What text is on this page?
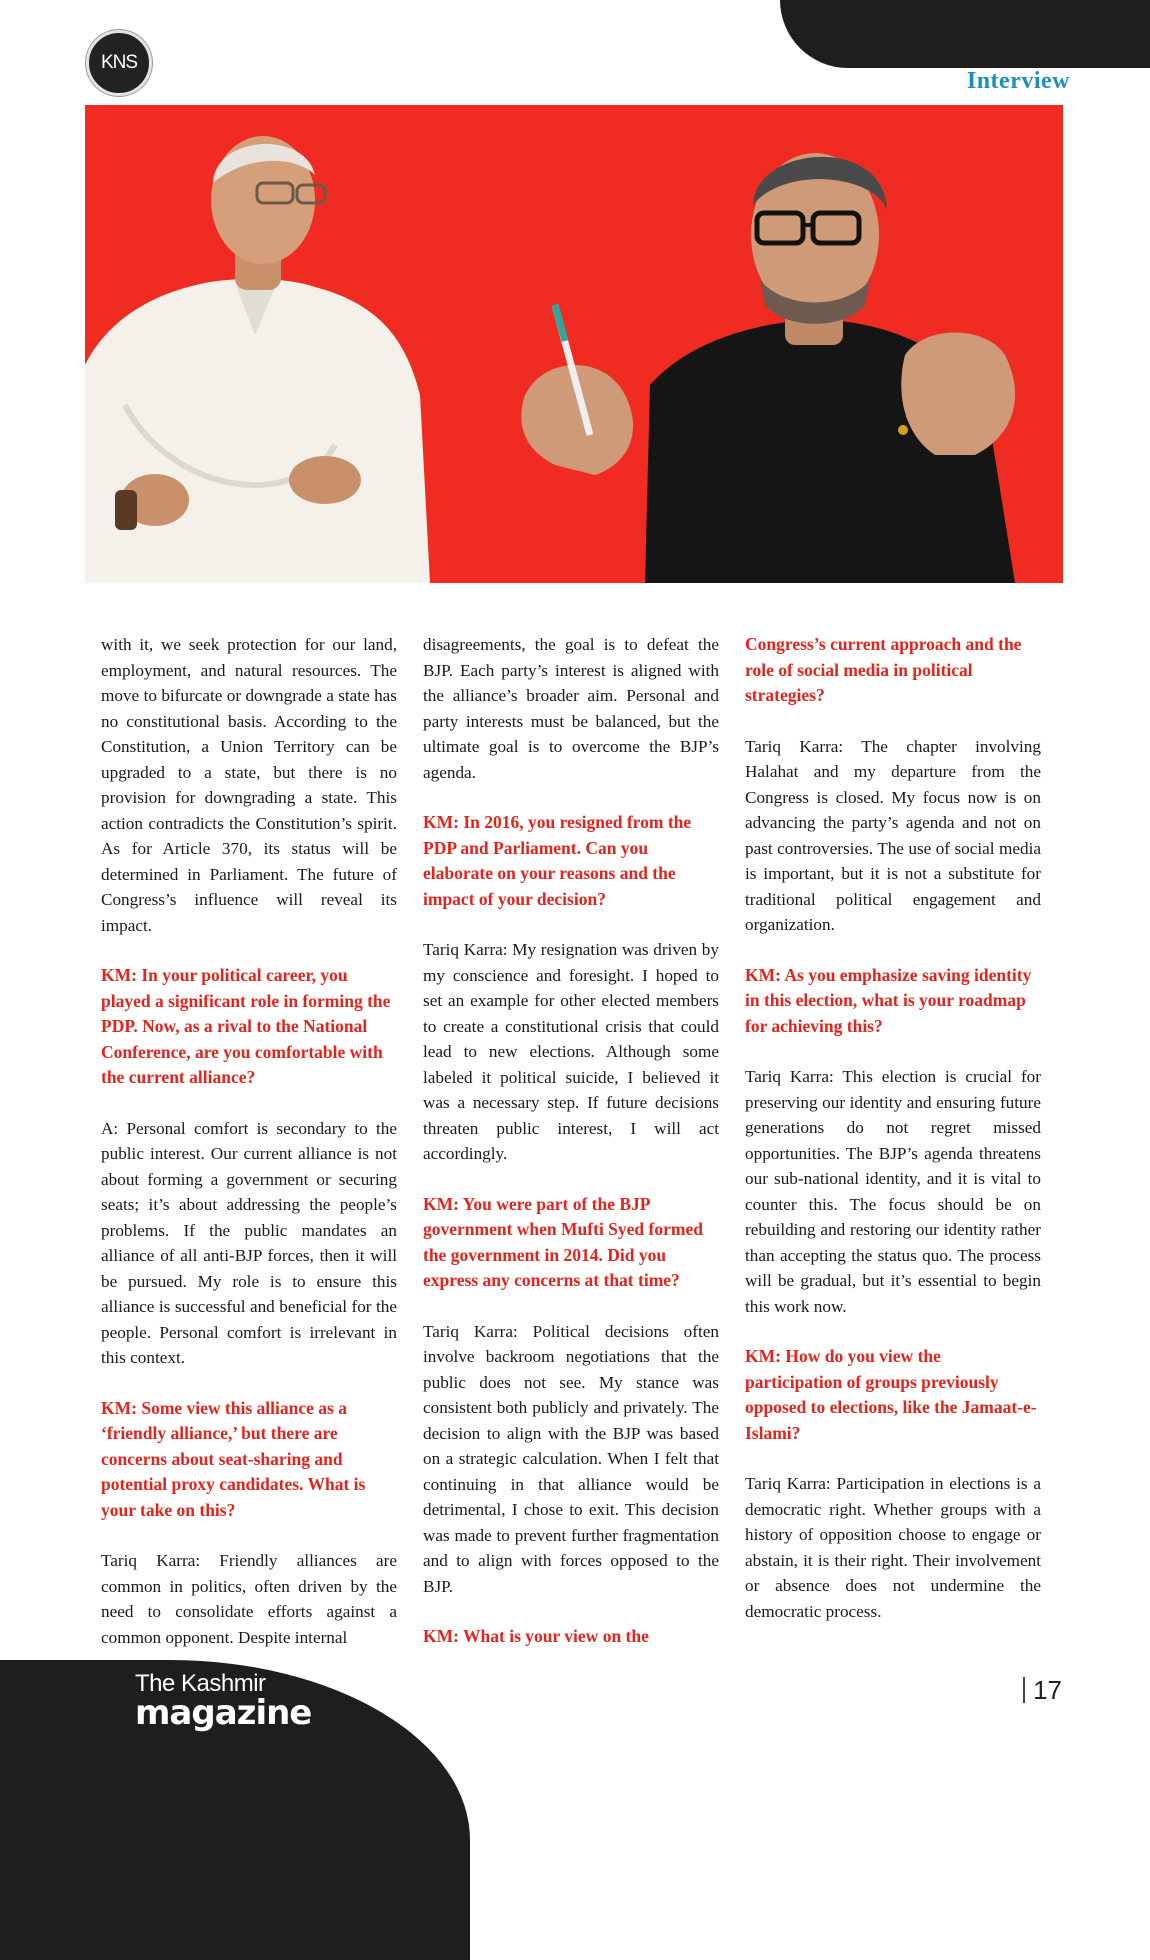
KNS
Interview

with it, we seek protection for our land, employment, and natural resources. The move to bifurcate or downgrade a state has no constitutional basis. According to the Constitution, a Union Territory can be upgraded to a state, but there is no provision for downgrading a state. This action contradicts the Constitution’s spirit. As for Article 370, its status will be determined in Parliament. The future of Congress’s influence will reveal its impact.

KM: In your political career, you played a significant role in forming the PDP. Now, as a rival to the National Conference, are you comfortable with the current alliance?

A: Personal comfort is secondary to the public interest. Our current alliance is not about forming a government or securing seats; it’s about addressing the people’s problems. If the public mandates an alliance of all anti-BJP forces, then it will be pursued. My role is to ensure this alliance is successful and beneficial for the people. Personal comfort is irrelevant in this context.

KM: Some view this alliance as a ‘friendly alliance,’ but there are concerns about seat-sharing and potential proxy candidates. What is your take on this?

Tariq Karra: Friendly alliances are common in politics, often driven by the need to consolidate efforts against a common opponent. Despite internal

disagreements, the goal is to defeat the BJP. Each party’s interest is aligned with the alliance’s broader aim. Personal and party interests must be balanced, but the ultimate goal is to overcome the BJP’s agenda.

KM: In 2016, you resigned from the PDP and Parliament. Can you elaborate on your reasons and the impact of your decision?

Tariq Karra: My resignation was driven by my conscience and foresight. I hoped to set an example for other elected members to create a constitutional crisis that could lead to new elections. Although some labeled it political suicide, I believed it was a necessary step. If future decisions threaten public interest, I will act accordingly.

KM: You were part of the BJP government when Mufti Syed formed the government in 2014. Did you express any concerns at that time?

Tariq Karra: Political decisions often involve backroom negotiations that the public does not see. My stance was consistent both publicly and privately. The decision to align with the BJP was based on a strategic calculation. When I felt that continuing in that alliance would be detrimental, I chose to exit. This decision was made to prevent further fragmentation and to align with forces opposed to the BJP.

KM: What is your view on the
Congress’s current approach and the role of social media in political strategies?

Tariq Karra: The chapter involving Halahat and my departure from the Congress is closed. My focus now is on advancing the party’s agenda and not on past controversies. The use of social media is important, but it is not a substitute for traditional political engagement and organization.

KM: As you emphasize saving identity in this election, what is your roadmap for achieving this?

Tariq Karra: This election is crucial for preserving our identity and ensuring future generations do not regret missed opportunities. The BJP’s agenda threatens our sub-national identity, and it is vital to counter this. The focus should be on rebuilding and restoring our identity rather than accepting the status quo. The process will be gradual, but it’s essential to begin this work now.

KM: How do you view the participation of groups previously opposed to elections, like the Jamaat-e-Islami?

Tariq Karra: Participation in elections is a democratic right. Whether groups with a history of opposition choose to engage or abstain, it is their right. Their involvement or absence does not undermine the democratic process.

The Kashmir
magazine
17
